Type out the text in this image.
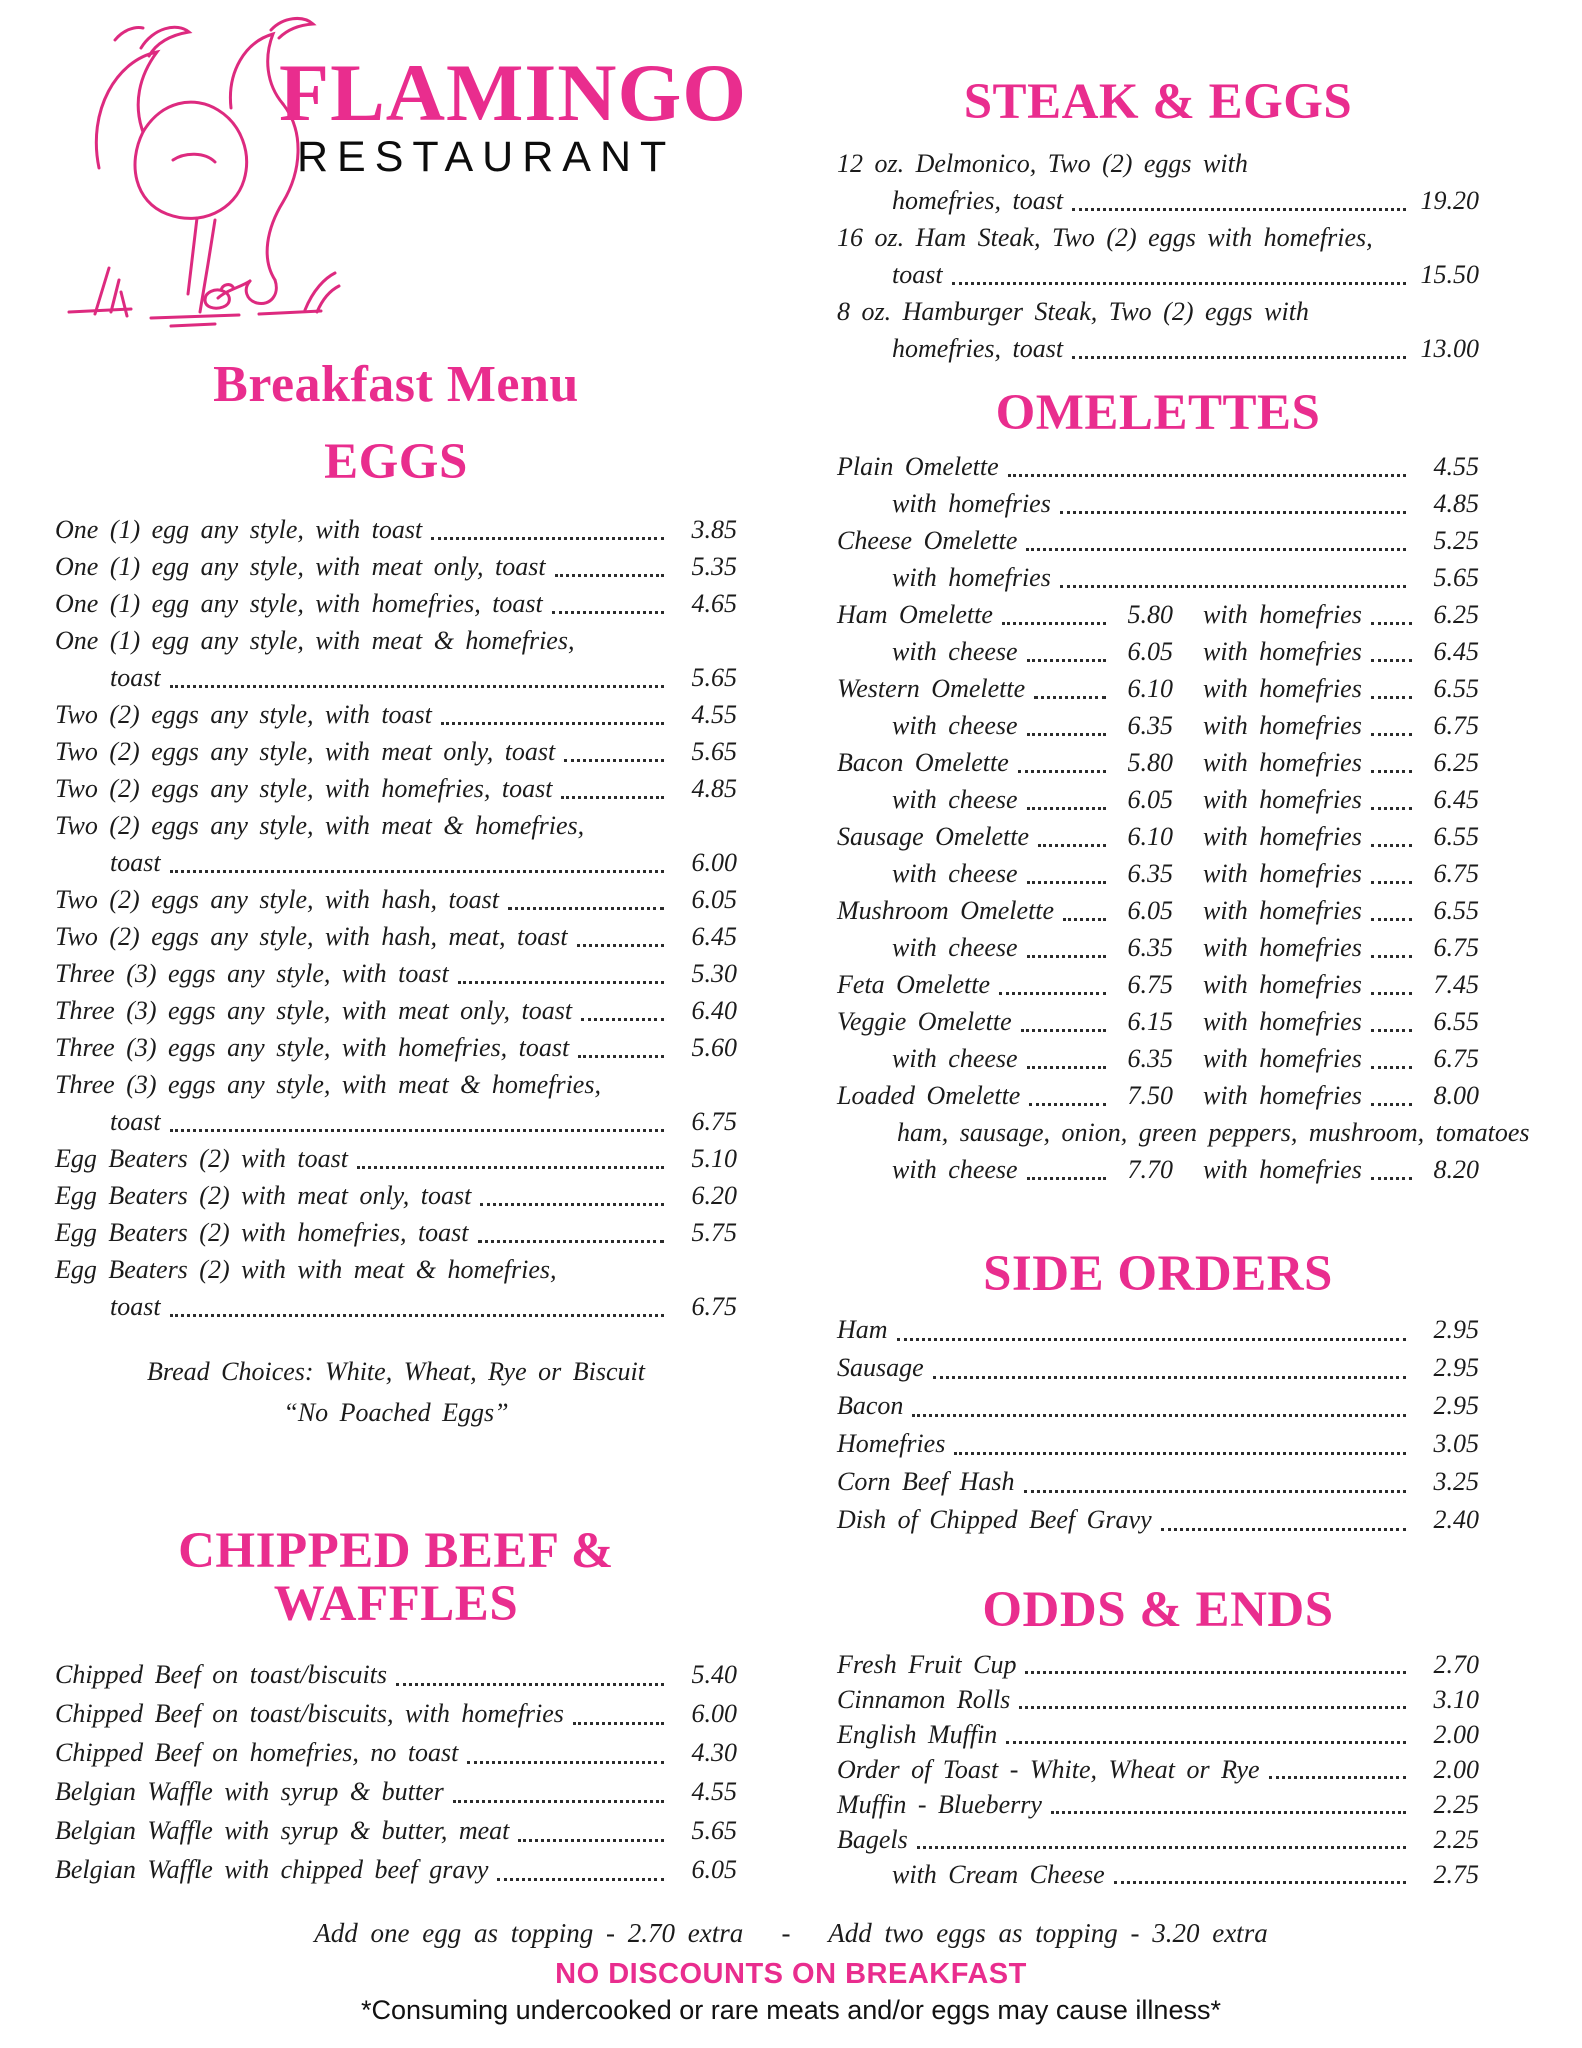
FLAMINGO
RESTAURANT
Breakfast Menu
EGGS
One (1) egg any style, with toast	3.85
One (1) egg any style, with meat only, toast	5.35
One (1) egg any style, with homefries, toast	4.65
One (1) egg any style, with meat & homefries,
toast	5.65
Two (2) eggs any style, with toast	4.55
Two (2) eggs any style, with meat only, toast	5.65
Two (2) eggs any style, with homefries, toast	4.85
Two (2) eggs any style, with meat & homefries,
toast	6.00
Two (2) eggs any style, with hash, toast	6.05
Two (2) eggs any style, with hash, meat, toast	6.45
Three (3) eggs any style, with toast	5.30
Three (3) eggs any style, with meat only, toast	6.40
Three (3) eggs any style, with homefries, toast	5.60
Three (3) eggs any style, with meat & homefries,
toast	6.75
Egg Beaters (2) with toast	5.10
Egg Beaters (2) with meat only, toast	6.20
Egg Beaters (2) with homefries, toast	5.75
Egg Beaters (2) with with meat & homefries,
toast	6.75
Bread Choices: White, Wheat, Rye or Biscuit
“No Poached Eggs”
CHIPPED BEEF & WAFFLES
Chipped Beef on toast/biscuits	5.40
Chipped Beef on toast/biscuits, with homefries	6.00
Chipped Beef on homefries, no toast	4.30
Belgian Waffle with syrup & butter	4.55
Belgian Waffle with syrup & butter, meat	5.65
Belgian Waffle with chipped beef gravy	6.05
STEAK & EGGS
12 oz. Delmonico, Two (2) eggs with
homefries, toast	19.20
16 oz. Ham Steak, Two (2) eggs with homefries,
toast	15.50
8 oz. Hamburger Steak, Two (2) eggs with
homefries, toast	13.00
OMELETTES
Plain Omelette	4.55
with homefries	4.85
Cheese Omelette	5.25
with homefries	5.65
Ham Omelette	5.80 with homefries	6.25
with cheese	6.05 with homefries	6.45
Western Omelette	6.10 with homefries	6.55
with cheese	6.35 with homefries	6.75
Bacon Omelette	5.80 with homefries	6.25
with cheese	6.05 with homefries	6.45
Sausage Omelette	6.10 with homefries	6.55
with cheese	6.35 with homefries	6.75
Mushroom Omelette	6.05 with homefries	6.55
with cheese	6.35 with homefries	6.75
Feta Omelette	6.75 with homefries	7.45
Veggie Omelette	6.15 with homefries	6.55
with cheese	6.35 with homefries	6.75
Loaded Omelette	7.50 with homefries	8.00
ham, sausage, onion, green peppers, mushroom, tomatoes
with cheese	7.70 with homefries	8.20
SIDE ORDERS
Ham	2.95
Sausage	2.95
Bacon	2.95
Homefries	3.05
Corn Beef Hash	3.25
Dish of Chipped Beef Gravy	2.40
ODDS & ENDS
Fresh Fruit Cup	2.70
Cinnamon Rolls	3.10
English Muffin	2.00
Order of Toast - White, Wheat or Rye	2.00
Muffin - Blueberry	2.25
Bagels	2.25
with Cream Cheese	2.75
Add one egg as topping - 2.70 extra   -   Add two eggs as topping - 3.20 extra
NO DISCOUNTS ON BREAKFAST
*Consuming undercooked or rare meats and/or eggs may cause illness*
